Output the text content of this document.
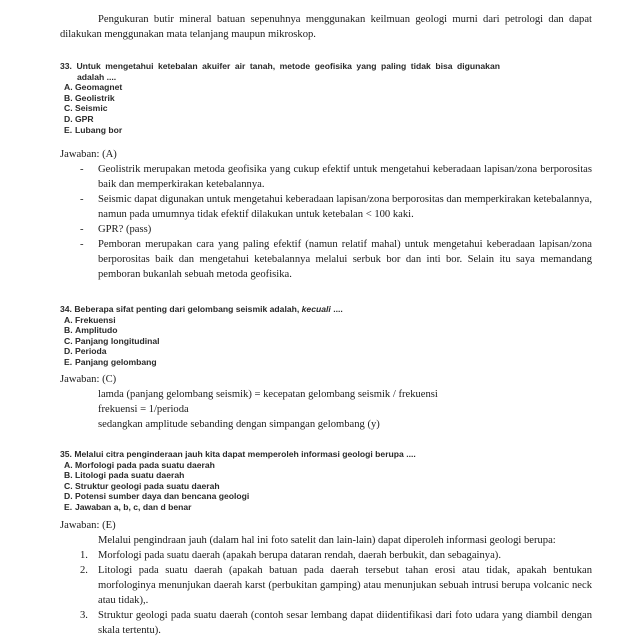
Pengukuran butir mineral batuan sepenuhnya menggunakan keilmuan geologi murni dari petrologi dan dapat dilakukan menggunakan mata telanjang maupun mikroskop.
33. Untuk mengetahui ketebalan akuifer air tanah, metode geofisika yang paling tidak bisa digunakan adalah ....
A. Geomagnet
B. Geolistrik
C. Seismic
D. GPR
E. Lubang bor
Jawaban: (A)
- Geolistrik merupakan metoda geofisika yang cukup efektif untuk mengetahui keberadaan lapisan/zona berporositas baik dan memperkirakan ketebalannya.
- Seismic dapat digunakan untuk mengetahui keberadaan lapisan/zona berporositas dan memperkirakan ketebalannya, namun pada umumnya tidak efektif dilakukan untuk ketebalan < 100 kaki.
- GPR? (pass)
- Pemboran merupakan cara yang paling efektif (namun relatif mahal) untuk mengetahui keberadaan lapisan/zona berporositas baik dan mengetahui ketebalannya melalui serbuk bor dan inti bor. Selain itu saya memandang pemboran bukanlah sebuah metoda geofisika.
34. Beberapa sifat penting dari gelombang seismik adalah, kecuali ....
A. Frekuensi
B. Amplitudo
C. Panjang longitudinal
D. Perioda
E. Panjang gelombang
Jawaban: (C)
lamda (panjang gelombang seismik) = kecepatan gelombang seismik / frekuensi
frekuensi = 1/perioda
sedangkan amplitude sebanding dengan simpangan gelombang (y)
35. Melalui citra penginderaan jauh kita dapat memperoleh informasi geologi berupa ....
A. Morfologi pada pada suatu daerah
B. Litologi pada suatu daerah
C. Struktur geologi pada suatu daerah
D. Potensi sumber daya dan bencana geologi
E. Jawaban a, b, c, dan d benar
Jawaban: (E)
Melalui pengindraan jauh (dalam hal ini foto satelit dan lain-lain) dapat diperoleh informasi geologi berupa:
1. Morfologi pada suatu daerah (apakah berupa dataran rendah, daerah berbukit, dan sebagainya).
2. Litologi pada suatu daerah (apakah batuan pada daerah tersebut tahan erosi atau tidak, apakah bentukan morfologinya menunjukan daerah karst (perbukitan gamping) atau menunjukan sebuah intrusi berupa volcanic neck atau tidak),.
3. Struktur geologi pada suatu daerah (contoh sesar lembang dapat diidentifikasi dari foto udara yang diambil dengan skala tertentu).
